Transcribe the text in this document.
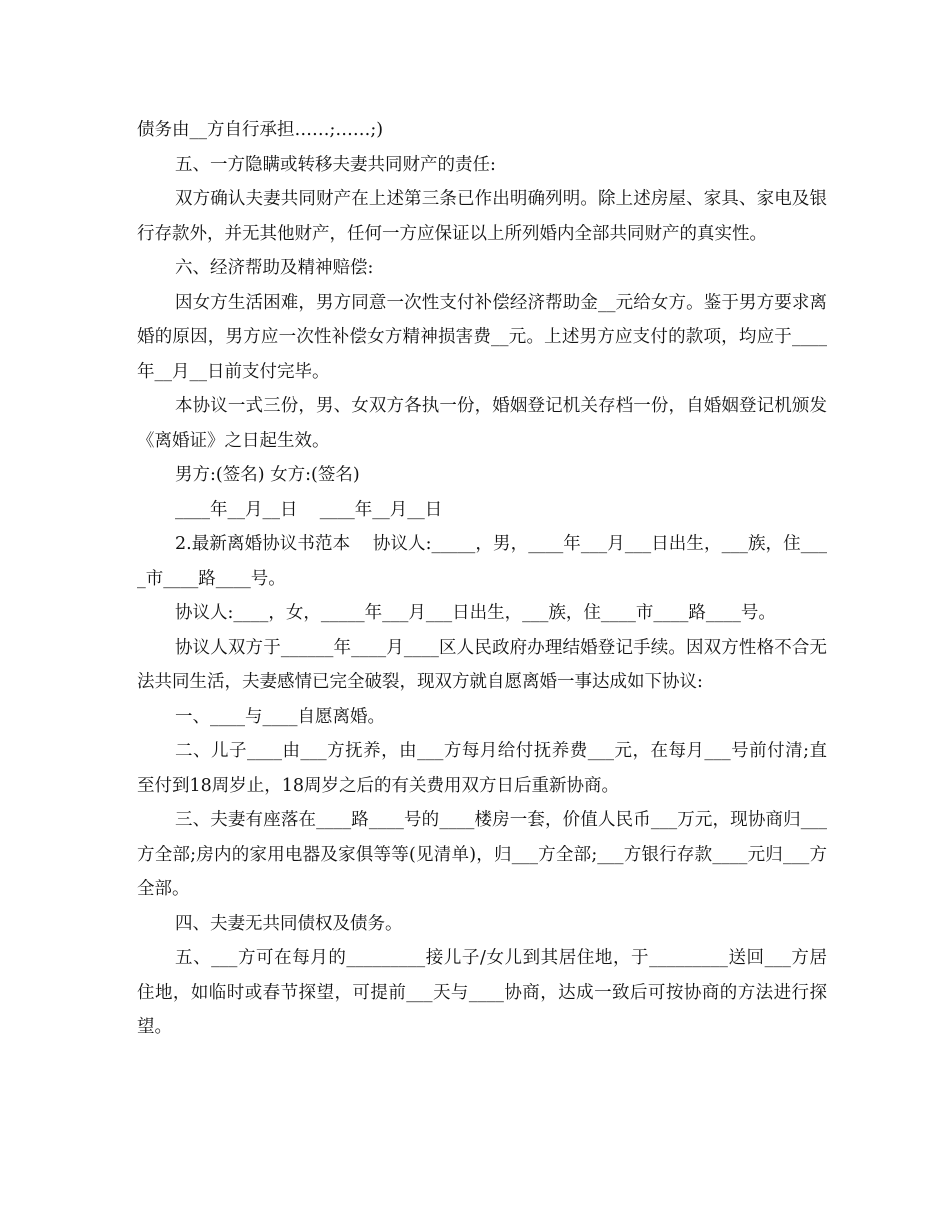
债务由__方自行承担……;……;)

五、一方隐瞒或转移夫妻共同财产的责任:

双方确认夫妻共同财产在上述第三条已作出明确列明。除上述房屋、家具、家电及银行存款外，并无其他财产，任何一方应保证以上所列婚内全部共同财产的真实性。

六、经济帮助及精神赔偿:

因女方生活困难，男方同意一次性支付补偿经济帮助金__元给女方。鉴于男方要求离婚的原因，男方应一次性补偿女方精神损害费__元。上述男方应支付的款项，均应于____年__月__日前支付完毕。

本协议一式三份，男、女双方各执一份，婚姻登记机关存档一份，自婚姻登记机颁发《离婚证》之日起生效。

男方:(签名) 女方:(签名)

____年__月__日    ____年__月__日

2.最新离婚协议书范本    协议人:_____，男，____年___月___日出生，___族，住____市____路____号。

协议人:____，女，_____年___月___日出生，___族，住____市____路____号。

协议人双方于______年____月____区人民政府办理结婚登记手续。因双方性格不合无法共同生活，夫妻感情已完全破裂，现双方就自愿离婚一事达成如下协议:

一、____与____自愿离婚。

二、儿子____由___方抚养，由___方每月给付抚养费___元，在每月___号前付清;直至付到18周岁止，18周岁之后的有关费用双方日后重新协商。

三、夫妻有座落在____路____号的____楼房一套，价值人民币___万元，现协商归___方全部;房内的家用电器及家俱等等(见清单)，归___方全部;___方银行存款____元归___方全部。

四、夫妻无共同债权及债务。

五、___方可在每月的_________接儿子/女儿到其居住地，于_________送回___方居住地，如临时或春节探望，可提前___天与____协商，达成一致后可按协商的方法进行探望。
